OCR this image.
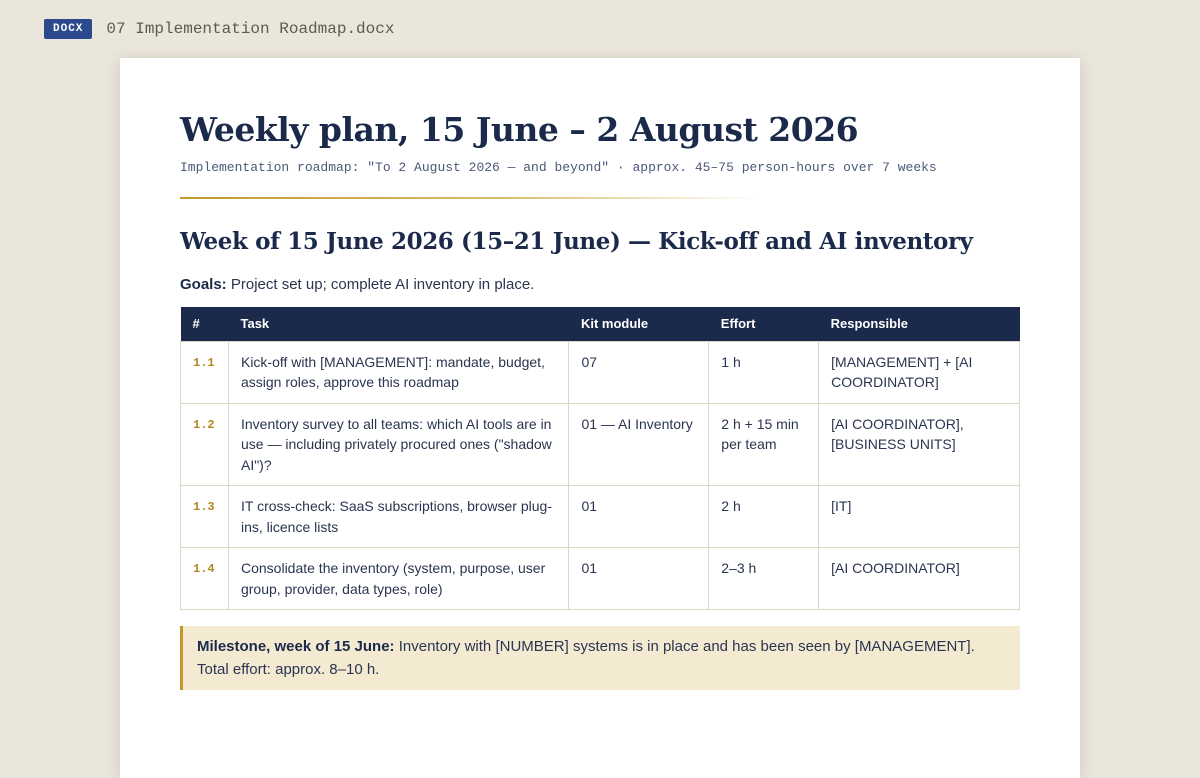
DOCX	07 Implementation Roadmap.docx
Weekly plan, 15 June – 2 August 2026
Implementation roadmap: "To 2 August 2026 — and beyond" · approx. 45–75 person-hours over 7 weeks
Week of 15 June 2026 (15–21 June) — Kick-off and AI inventory
Goals: Project set up; complete AI inventory in place.
#	Task	Kit module	Effort	Responsible
1.1	Kick-off with [MANAGEMENT]: mandate, budget, assign roles, approve this roadmap	07	1 h	[MANAGEMENT] + [AI COORDINATOR]
1.2	Inventory survey to all teams: which AI tools are in use — including privately procured ones ("shadow AI")?	01 — AI Inventory	2 h + 15 min per team	[AI COORDINATOR], [BUSINESS UNITS]
1.3	IT cross-check: SaaS subscriptions, browser plug-ins, licence lists	01	2 h	[IT]
1.4	Consolidate the inventory (system, purpose, user group, provider, data types, role)	01	2–3 h	[AI COORDINATOR]
Milestone, week of 15 June: Inventory with [NUMBER] systems is in place and has been seen by [MANAGEMENT]. Total effort: approx. 8–10 h.
